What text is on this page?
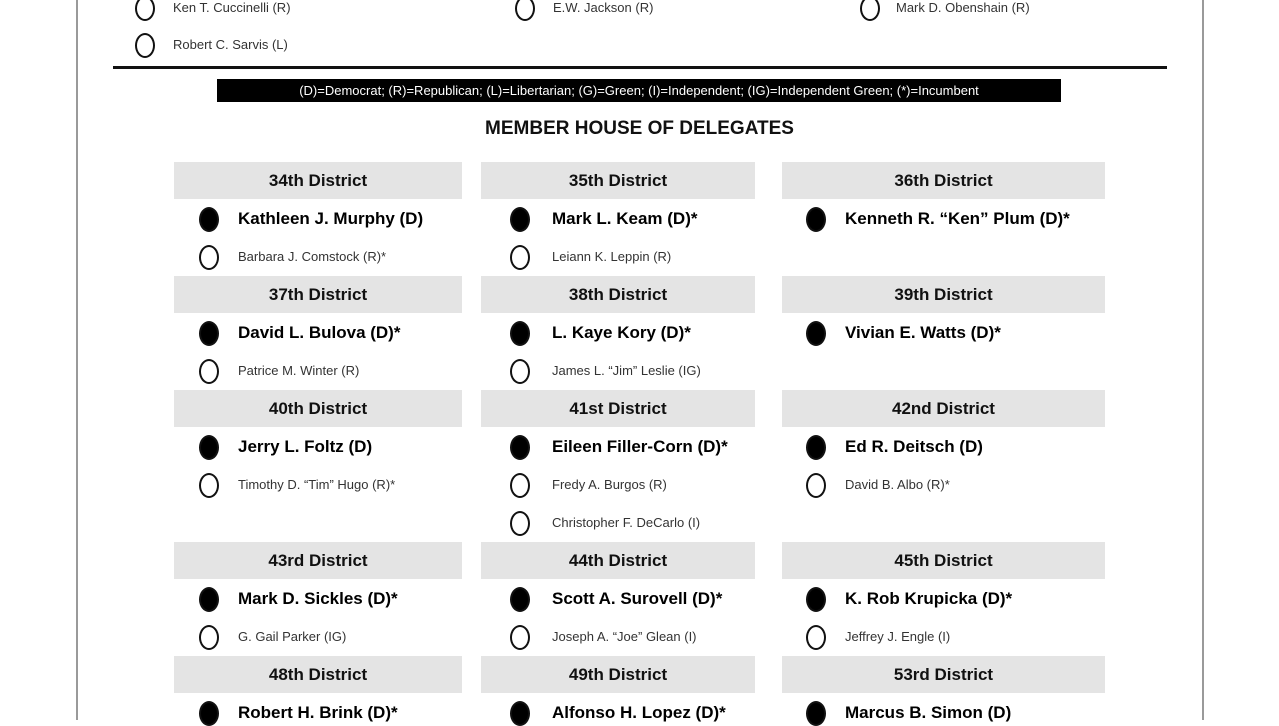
Ken T. Cuccinelli (R)	E.W. Jackson (R)	Mark D. Obenshain (R)
Robert C. Sarvis (L)
(D)=Democrat; (R)=Republican; (L)=Libertarian; (G)=Green; (I)=Independent; (IG)=Independent Green; (*)=Incumbent
MEMBER HOUSE OF DELEGATES
34th District
Kathleen J. Murphy (D)
Barbara J. Comstock (R)*
35th District
Mark L. Keam (D)*
Leiann K. Leppin (R)
36th District
Kenneth R. “Ken” Plum (D)*
37th District
David L. Bulova (D)*
Patrice M. Winter (R)
38th District
L. Kaye Kory (D)*
James L. “Jim” Leslie (IG)
39th District
Vivian E. Watts (D)*
40th District
Jerry L. Foltz (D)
Timothy D. “Tim” Hugo (R)*
41st District
Eileen Filler-Corn (D)*
Fredy A. Burgos (R)
Christopher F. DeCarlo (I)
42nd District
Ed R. Deitsch (D)
David B. Albo (R)*
43rd District
Mark D. Sickles (D)*
G. Gail Parker (IG)
44th District
Scott A. Surovell (D)*
Joseph A. “Joe” Glean (I)
45th District
K. Rob Krupicka (D)*
Jeffrey J. Engle (I)
48th District
Robert H. Brink (D)*
49th District
Alfonso H. Lopez (D)*
53rd District
Marcus B. Simon (D)
